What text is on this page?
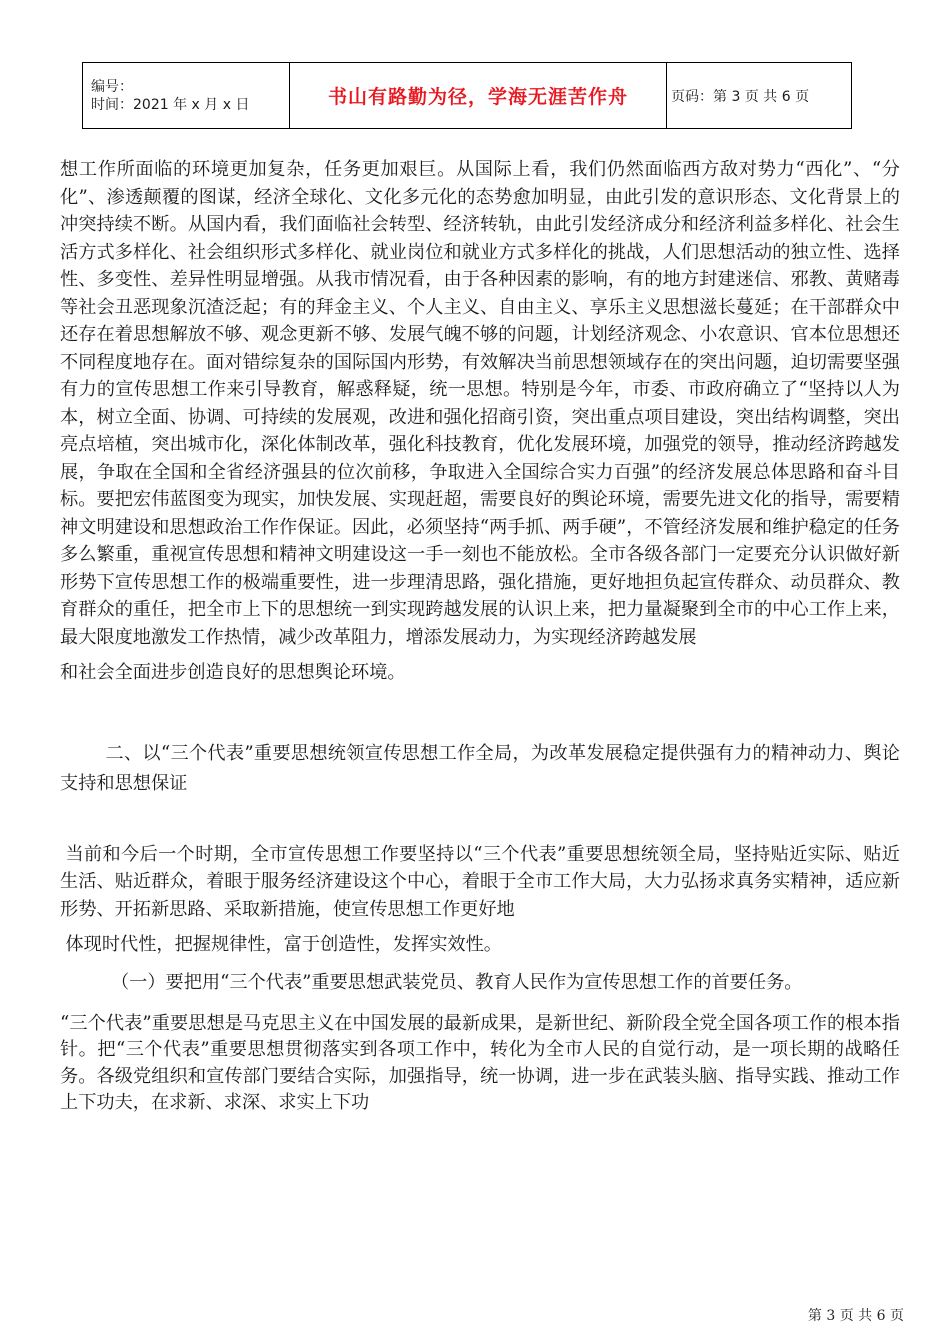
编号：
时间：2021 年 x 月 x 日	书山有路勤为径，学海无涯苦作舟	页码：第 3 页 共 6 页

想工作所面临的环境更加复杂，任务更加艰巨。从国际上看，我们仍然面临西方敌对势力“西化”、“分化”、渗透颠覆的图谋，经济全球化、文化多元化的态势愈加明显，由此引发的意识形态、文化背景上的冲突持续不断。从国内看，我们面临社会转型、经济转轨，由此引发经济成分和经济利益多样化、社会生活方式多样化、社会组织形式多样化、就业岗位和就业方式多样化的挑战，人们思想活动的独立性、选择性、多变性、差异性明显增强。从我市情况看，由于各种因素的影响，有的地方封建迷信、邪教、黄赌毒等社会丑恶现象沉渣泛起；有的拜金主义、个人主义、自由主义、享乐主义思想滋长蔓延；在干部群众中还存在着思想解放不够、观念更新不够、发展气魄不够的问题，计划经济观念、小农意识、官本位思想还不同程度地存在。面对错综复杂的国际国内形势，有效解决当前思想领域存在的突出问题，迫切需要坚强有力的宣传思想工作来引导教育，解惑释疑，统一思想。特别是今年，市委、市政府确立了“坚持以人为本，树立全面、协调、可持续的发展观，改进和强化招商引资，突出重点项目建设，突出结构调整，突出亮点培植，突出城市化，深化体制改革，强化科技教育，优化发展环境，加强党的领导，推动经济跨越发展，争取在全国和全省经济强县的位次前移，争取进入全国综合实力百强”的经济发展总体思路和奋斗目标。要把宏伟蓝图变为现实，加快发展、实现赶超，需要良好的舆论环境，需要先进文化的指导，需要精神文明建设和思想政治工作作保证。因此，必须坚持“两手抓、两手硬”，不管经济发展和维护稳定的任务多么繁重，重视宣传思想和精神文明建设这一手一刻也不能放松。全市各级各部门一定要充分认识做好新形势下宣传思想工作的极端重要性，进一步理清思路，强化措施，更好地担负起宣传群众、动员群众、教育群众的重任，把全市上下的思想统一到实现跨越发展的认识上来，把力量凝聚到全市的中心工作上来，最大限度地激发工作热情，减少改革阻力，增添发展动力，为实现经济跨越发展
和社会全面进步创造良好的思想舆论环境。

二、以“三个代表”重要思想统领宣传思想工作全局，为改革发展稳定提供强有力的精神动力、舆论支持和思想保证

当前和今后一个时期，全市宣传思想工作要坚持以“三个代表”重要思想统领全局，坚持贴近实际、贴近生活、贴近群众，着眼于服务经济建设这个中心，着眼于全市工作大局，大力弘扬求真务实精神，适应新形势、开拓新思路、采取新措施，使宣传思想工作更好地
体现时代性，把握规律性，富于创造性，发挥实效性。

（一）要把用“三个代表”重要思想武装党员、教育人民作为宣传思想工作的首要任务。

“三个代表”重要思想是马克思主义在中国发展的最新成果，是新世纪、新阶段全党全国各项工作的根本指针。把“三个代表”重要思想贯彻落实到各项工作中，转化为全市人民的自觉行动，是一项长期的战略任务。各级党组织和宣传部门要结合实际，加强指导，统一协调，进一步在武装头脑、指导实践、推动工作上下功夫，在求新、求深、求实上下功

第 3 页 共 6 页
